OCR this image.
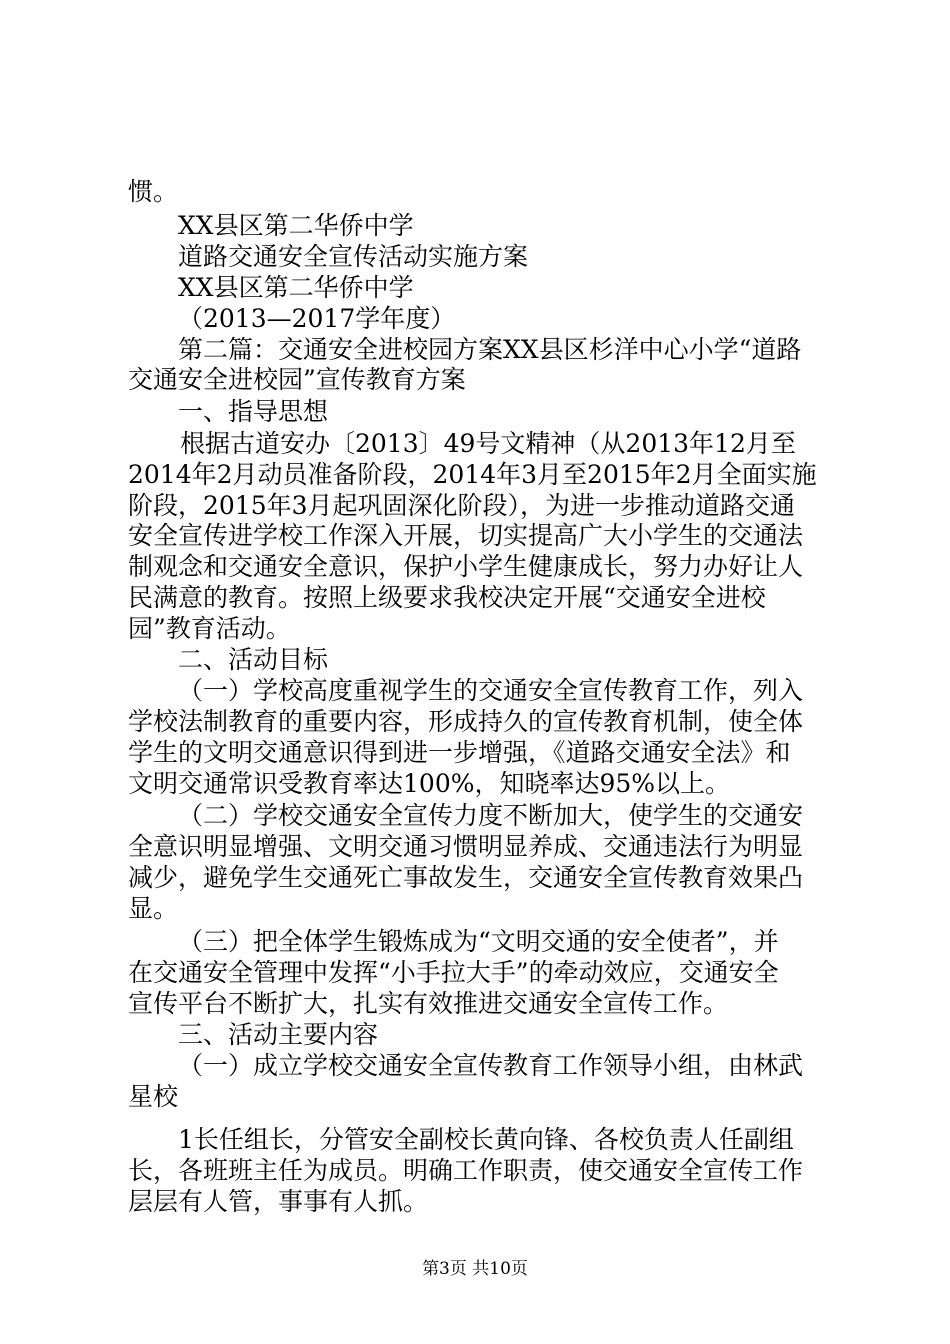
惯。
XX县区第二华侨中学
道路交通安全宣传活动实施方案
XX县区第二华侨中学
（2013—2017学年度）
第二篇：交通安全进校园方案XX县区杉洋中心小学“道路
交通安全进校园”宣传教育方案
一、指导思想
根据古道安办〔2013〕49号文精神（从2013年12月至
2014年2月动员准备阶段，2014年3月至2015年2月全面实施
阶段，2015年3月起巩固深化阶段），为进一步推动道路交通
安全宣传进学校工作深入开展，切实提高广大小学生的交通法
制观念和交通安全意识，保护小学生健康成长，努力办好让人
民满意的教育。按照上级要求我校决定开展“交通安全进校
园”教育活动。
二、活动目标
（一）学校高度重视学生的交通安全宣传教育工作，列入
学校法制教育的重要内容，形成持久的宣传教育机制，使全体
学生的文明交通意识得到进一步增强，《道路交通安全法》和
文明交通常识受教育率达100%，知晓率达95%以上。
（二）学校交通安全宣传力度不断加大，使学生的交通安
全意识明显增强、文明交通习惯明显养成、交通违法行为明显
减少，避免学生交通死亡事故发生，交通安全宣传教育效果凸
显。
（三）把全体学生锻炼成为“文明交通的安全使者”，并
在交通安全管理中发挥“小手拉大手”的牵动效应，交通安全
宣传平台不断扩大，扎实有效推进交通安全宣传工作。
三、活动主要内容
（一）成立学校交通安全宣传教育工作领导小组，由林武
星校
1长任组长，分管安全副校长黄向锋、各校负责人任副组
长，各班班主任为成员。明确工作职责，使交通安全宣传工作
层层有人管，事事有人抓。
第3页 共10页
